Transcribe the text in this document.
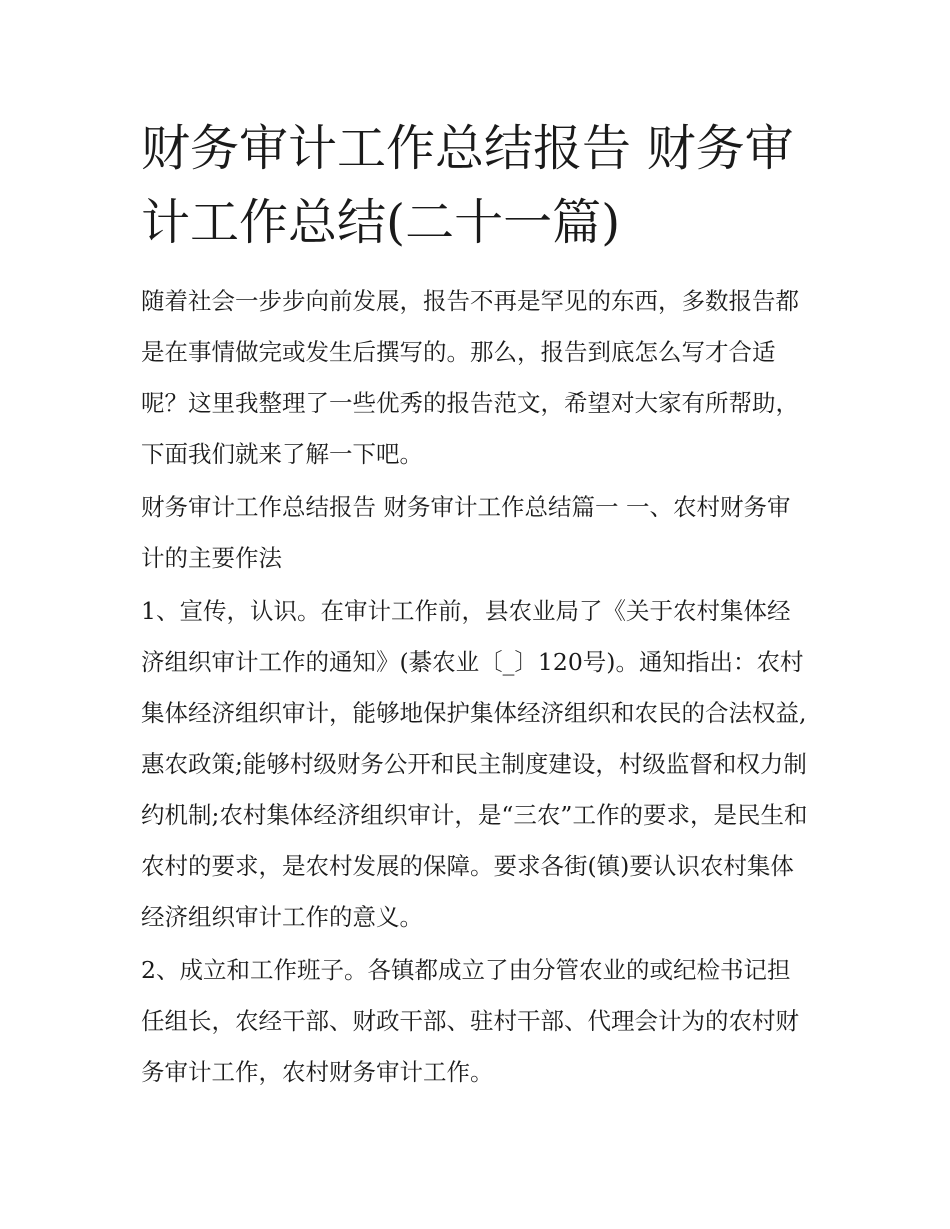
财务审计工作总结报告 财务审计工作总结(二十一篇)

随着社会一步步向前发展，报告不再是罕见的东西，多数报告都是在事情做完或发生后撰写的。那么，报告到底怎么写才合适呢？这里我整理了一些优秀的报告范文，希望对大家有所帮助，下面我们就来了解一下吧。

财务审计工作总结报告 财务审计工作总结篇一 一、农村财务审计的主要作法

1、宣传，认识。在审计工作前，县农业局了《关于农村集体经济组织审计工作的通知》(綦农业〔_〕120号)。通知指出：农村集体经济组织审计，能够地保护集体经济组织和农民的合法权益,惠农政策;能够村级财务公开和民主制度建设，村级监督和权力制约机制;农村集体经济组织审计，是“三农”工作的要求，是民生和农村的要求，是农村发展的保障。要求各街(镇)要认识农村集体经济组织审计工作的意义。

2、成立和工作班子。各镇都成立了由分管农业的或纪检书记担任组长，农经干部、财政干部、驻村干部、代理会计为的农村财务审计工作，农村财务审计工作。
